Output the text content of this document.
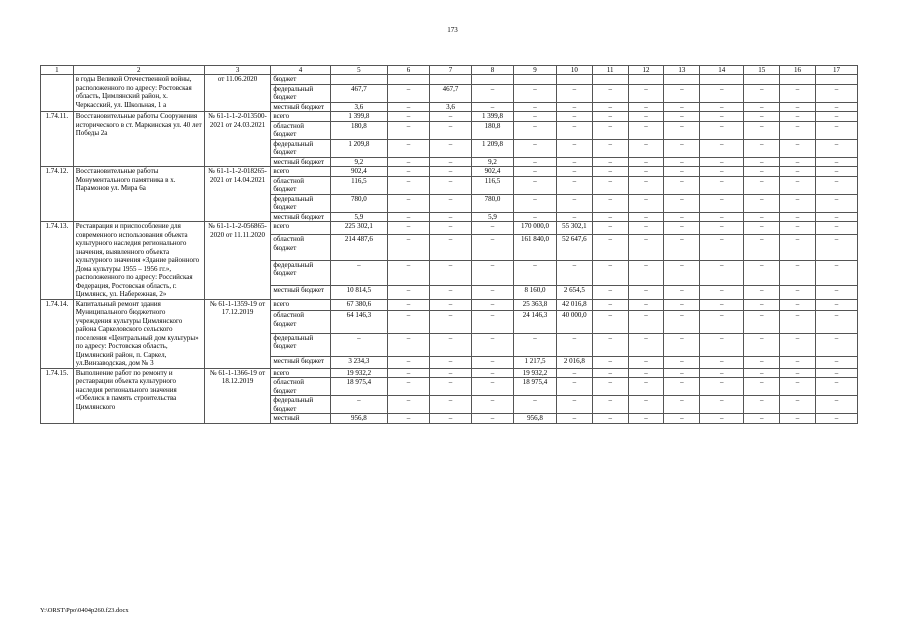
173
1	2	3	4	5	6	7	8	9	10	11	12	13	14	15	16	17
	в годы Великой Отечественной войны, расположенного по адресу: Ростовская область, Цимлянский район, х. Черкасский, ул. Школьная, 1 а	от 11.06.2020	бюджет													
			федеральный бюджет	467,7	–	467,7	–	–	–	–	–	–	–	–	–	–
			местный бюджет	3,6	–	3,6	–	–	–	–	–	–	–	–	–	–
1.74.11.	Восстановительные работы Сооружения исторического в ст. Маркинская ул. 40 лет Победы 2а	№ 61-1-1-2-013500-2021 от 24.03.2021	всего	1 399,8	–	–	1 399,8	–	–	–	–	–	–	–	–	–
			областной бюджет	180,8	–	–	180,8	–	–	–	–	–	–	–	–	–
			федеральный бюджет	1 209,8	–	–	1 209,8	–	–	–	–	–	–	–	–	–
			местный бюджет	9,2	–	–	9,2	–	–	–	–	–	–	–	–	–
1.74.12.	Восстановительные работы Монументального памятника в х. Парамонов ул. Мира 6а	№ 61-1-1-2-018265-2021 от 14.04.2021	всего	902,4	–	–	902,4	–	–	–	–	–	–	–	–	–
			областной бюджет	116,5	–	–	116,5	–	–	–	–	–	–	–	–	–
			федеральный бюджет	780,0	–	–	780,0	–	–	–	–	–	–	–	–	–
			местный бюджет	5,9	–	–	5,9	–	–	–	–	–	–	–	–	–
1.74.13.	Реставрация и приспособление для современного использования объекта культурного наследия регионального значения, выявленного объекта культурного значения «Здание районного Дома культуры 1955 – 1956 гг.», расположенного по адресу: Российская Федерация, Ростовская область, г. Цимлянск, ул. Набережная, 2»	№ 61-1-1-2-056865-2020 от 11.11.2020	всего	225 302,1	–	–	–	170 000,0	55 302,1	–	–	–	–	–	–	–
			областной бюджет	214 487,6	–	–	–	161 840,0	52 647,6	–	–	–	–	–	–	–
			федеральный бюджет	–	–	–	–	–	–	–	–	–	–	–	–	–
			местный бюджет	10 814,5	–	–	–	8 160,0	2 654,5	–	–	–	–	–	–	–
1.74.14.	Капитальный ремонт здания Муниципального бюджетного учреждения культуры Цимлянского района Саркеловского сельского поселения «Центральный дом культуры» по адресу: Ростовская область, Цимлянский район, п. Саркел, ул.Винзаводская, дом № 3	№ 61-1-1359-19 от 17.12.2019	всего	67 380,6	–	–	–	25 363,8	42 016,8	–	–	–	–	–	–	–
			областной бюджет	64 146,3	–	–	–	24 146,3	40 000,0	–	–	–	–	–	–	–
			федеральный бюджет	–	–	–	–	–	–	–	–	–	–	–	–	–
			местный бюджет	3 234,3	–	–	–	1 217,5	2 016,8	–	–	–	–	–	–	–
1.74.15.	Выполнение работ по ремонту и реставрации объекта культурного наследия регионального значения «Обелиск в память строительства Цимлянского	№ 61-1-1366-19 от 18.12.2019	всего	19 932,2	–	–	–	19 932,2	–	–	–	–	–	–	–	–
			областной бюджет	18 975,4	–	–	–	18 975,4	–	–	–	–	–	–	–	–
			федеральный бюджет	–	–	–	–	–	–	–	–	–	–	–	–	–
			местный	956,8	–	–	–	956,8	–	–	–	–	–	–	–	–
Y:\ORST\Ppo\0404p260.f23.docx
